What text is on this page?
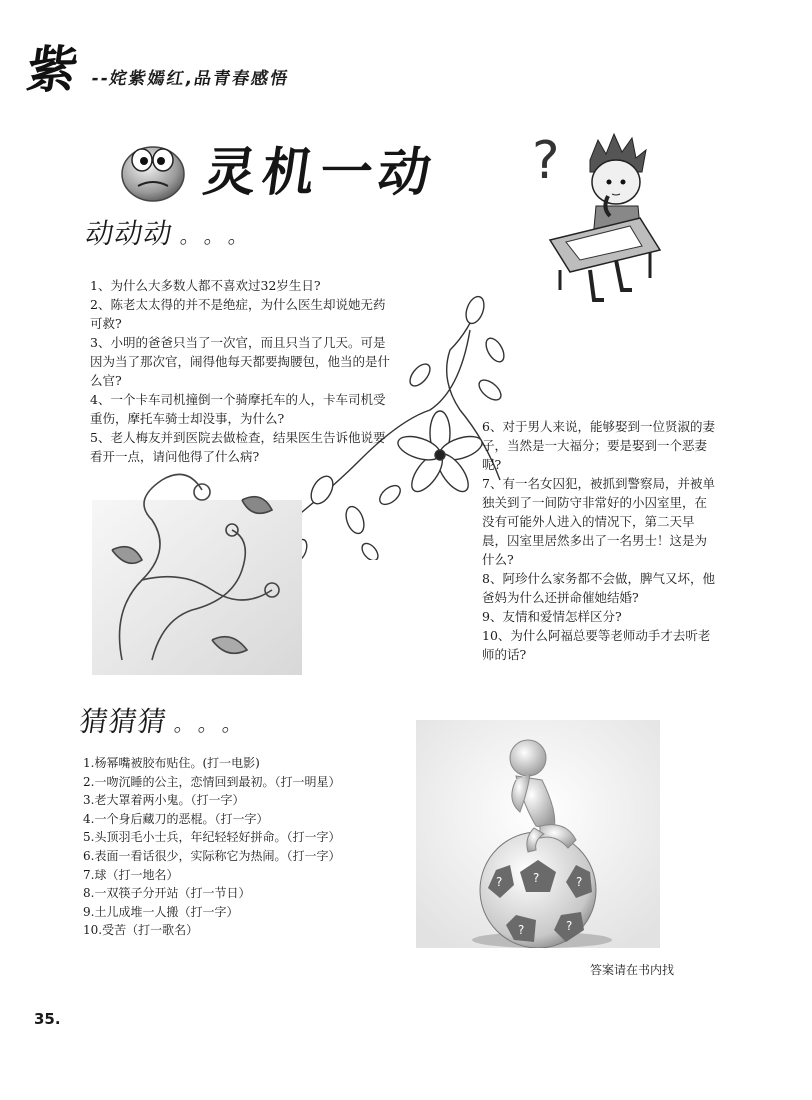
紫 --姹紫嫣红,品青春感悟
灵机一动 ?
动动动 。。。

1、为什么大多数人都不喜欢过32岁生日?

2、陈老太太得的并不是绝症，为什么医生却说她无药可救?

3、小明的爸爸只当了一次官，而且只当了几天。可是因为当了那次官，闹得他每天都要掏腰包，他当的是什么官?

4、一个卡车司机撞倒一个骑摩托车的人，卡车司机受重伤，摩托车骑士却没事，为什么?

5、老人梅友并到医院去做检查，结果医生告诉他说要看开一点，请问他得了什么病?

6、对于男人来说，能够娶到一位贤淑的妻子，当然是一大福分；要是娶到一个恶妻呢?

7、有一名女囚犯，被抓到警察局，并被单独关到了一间防守非常好的小囚室里，在没有可能外人进入的情况下，第二天早晨，囚室里居然多出了一名男士！这是为什么?

8、阿珍什么家务都不会做，脾气又坏，他爸妈为什么还拼命催她结婚?

9、友情和爱情怎样区分?

10、为什么阿福总要等老师动手才去听老师的话?

猜猜猜 。。。

1.杨幂嘴被胶布贴住。(打一电影)

2.一吻沉睡的公主，恋情回到最初。（打一明星）

3.老大罩着两小鬼。（打一字）

4.一个身后藏刀的恶棍。（打一字）

5.头顶羽毛小士兵，年纪轻轻好拼命。（打一字）

6.表面一看话很少，实际称它为热闹。（打一字）

7.球（打一地名）

8.一双筷子分开站（打一节日）

9.土儿成堆一人搬（打一字）

10.受苦（打一歌名）

?
?	?
?	?
答案请在书内找
35.
